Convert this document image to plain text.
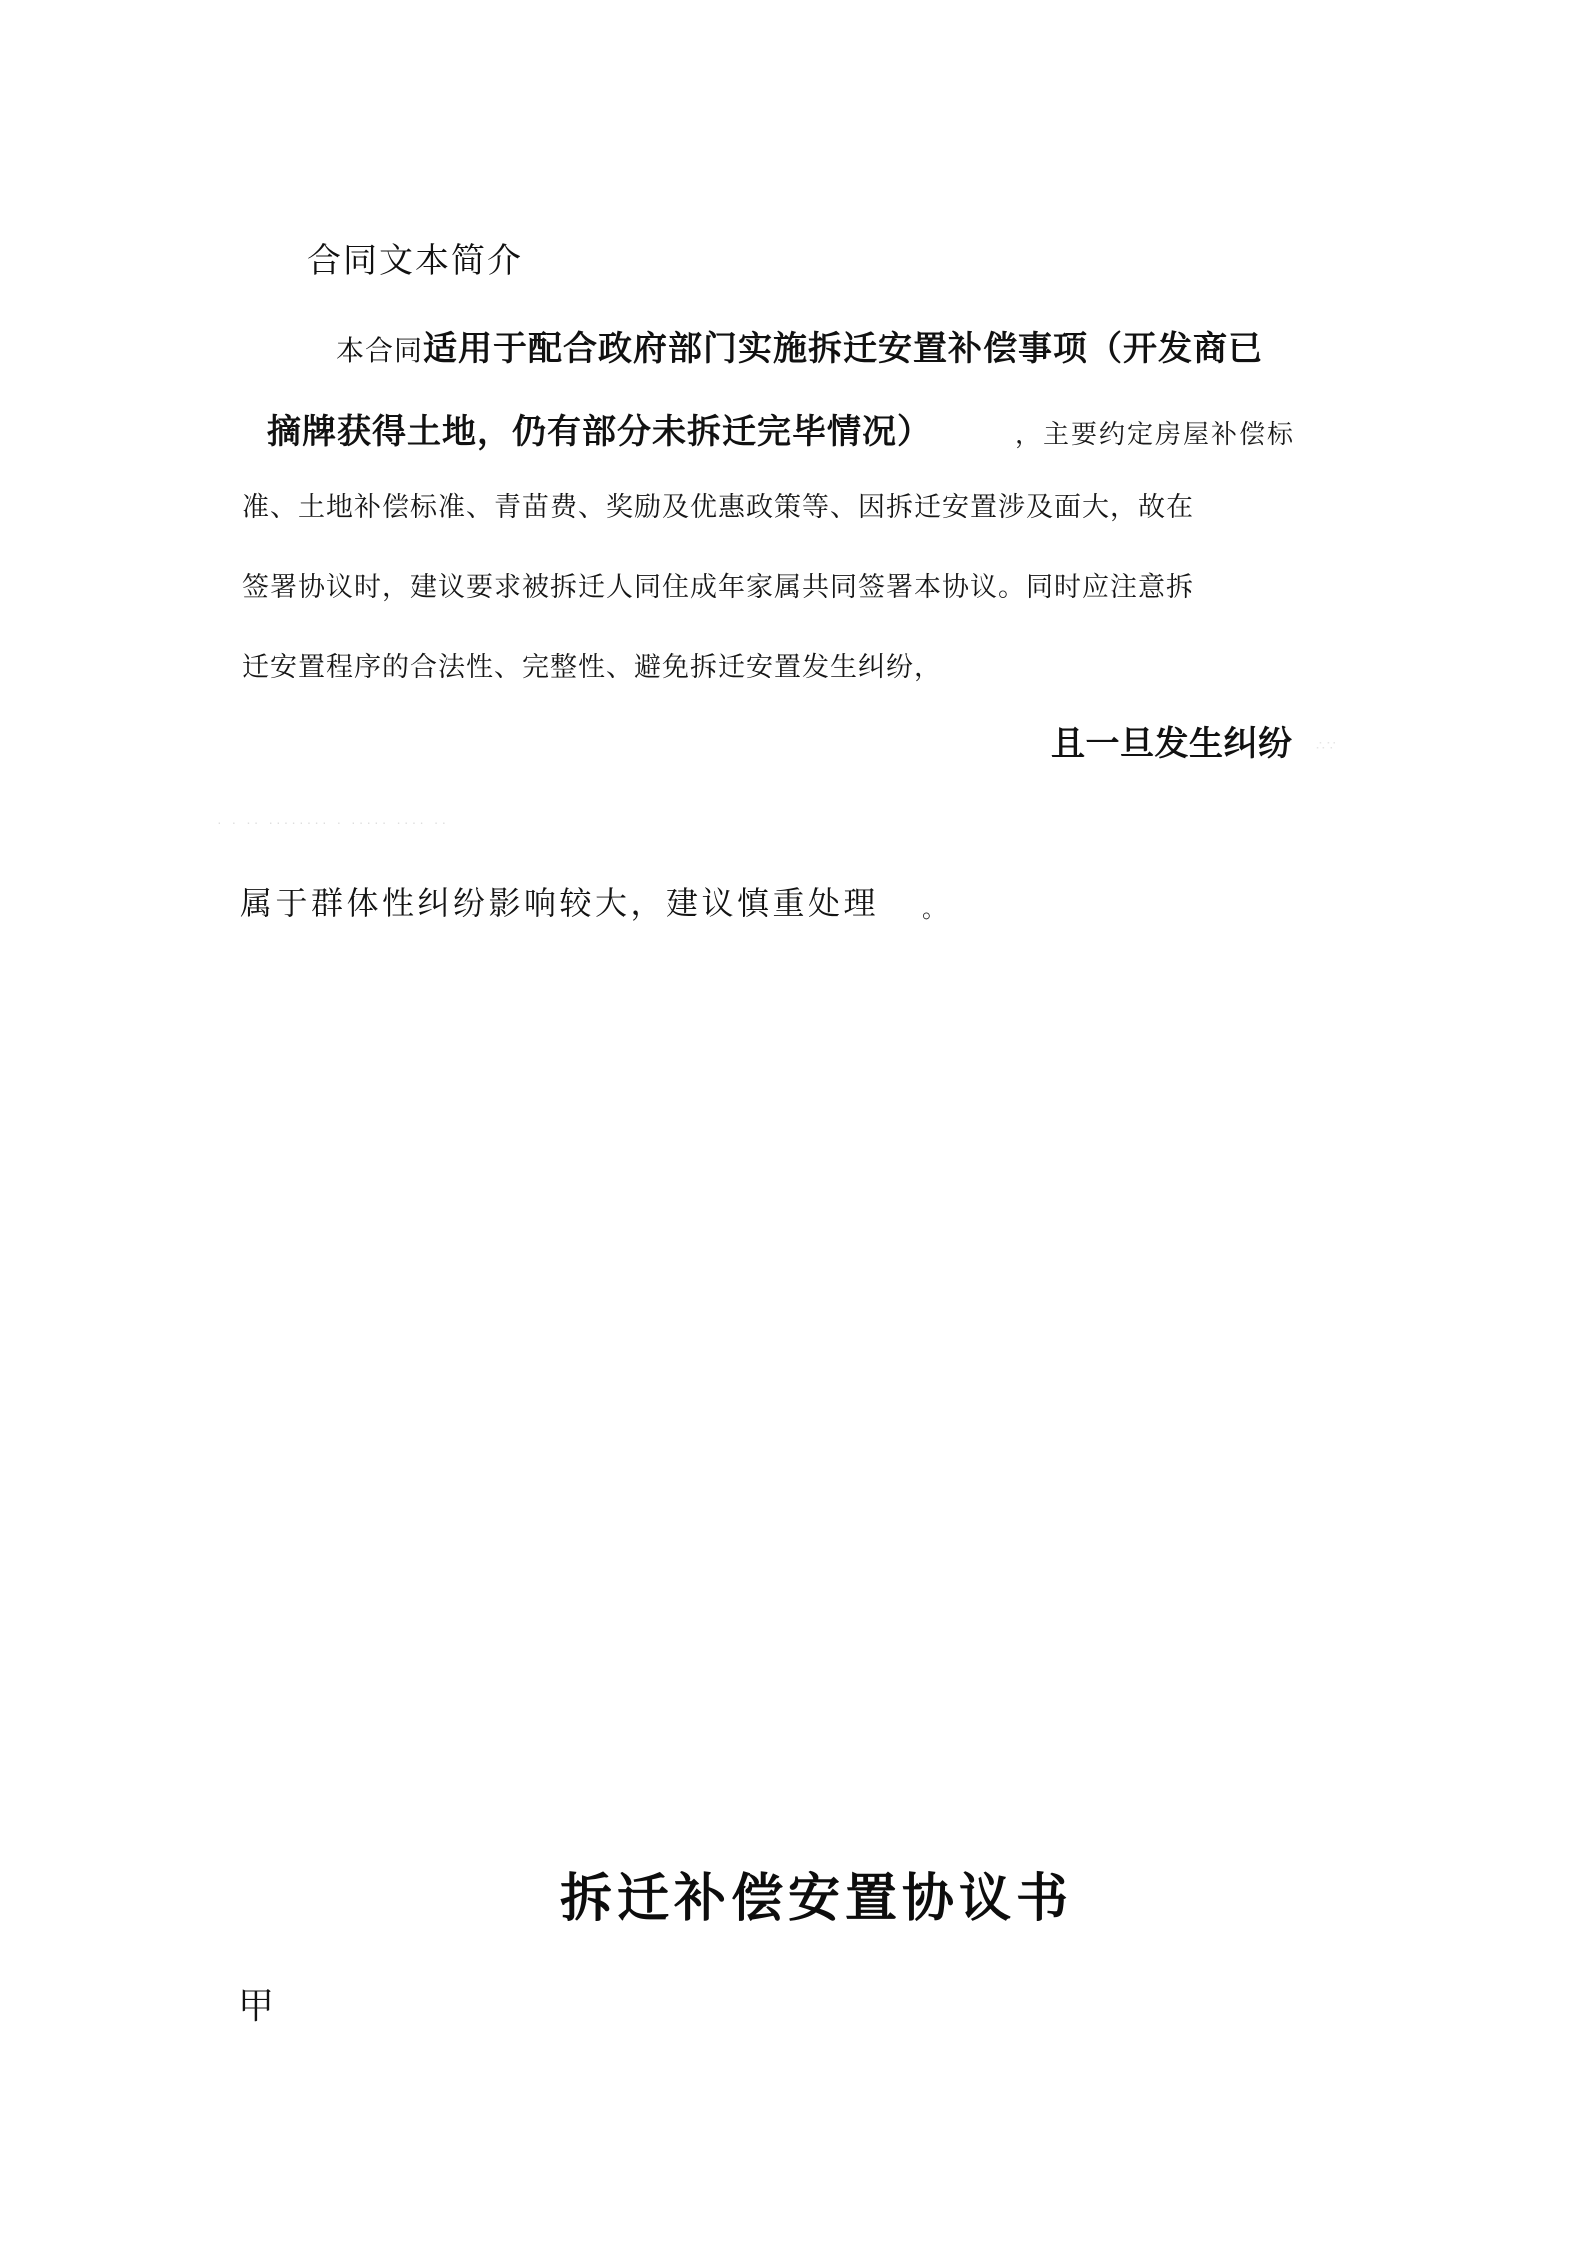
合同文本简介
本合同适用于配合政府部门实施拆迁安置补偿事项（开发商已
摘牌获得土地，仍有部分未拆迁完毕情况）	，主要约定房屋补偿标
准、土地补偿标准、青苗费、奖励及优惠政策等、因拆迁安置涉及面大，故在
签署协议时，建议要求被拆迁人同住成年家属共同签署本协议。同时应注意拆
迁安置程序的合法性、完整性、避免拆迁安置发生纠纷，
且一旦发生纠纷 ∴∵
· · ·· ········ · ····· ···· ··
属于群体性纠纷影响较大，建议慎重处理 。
拆迁补偿安置协议书
甲
